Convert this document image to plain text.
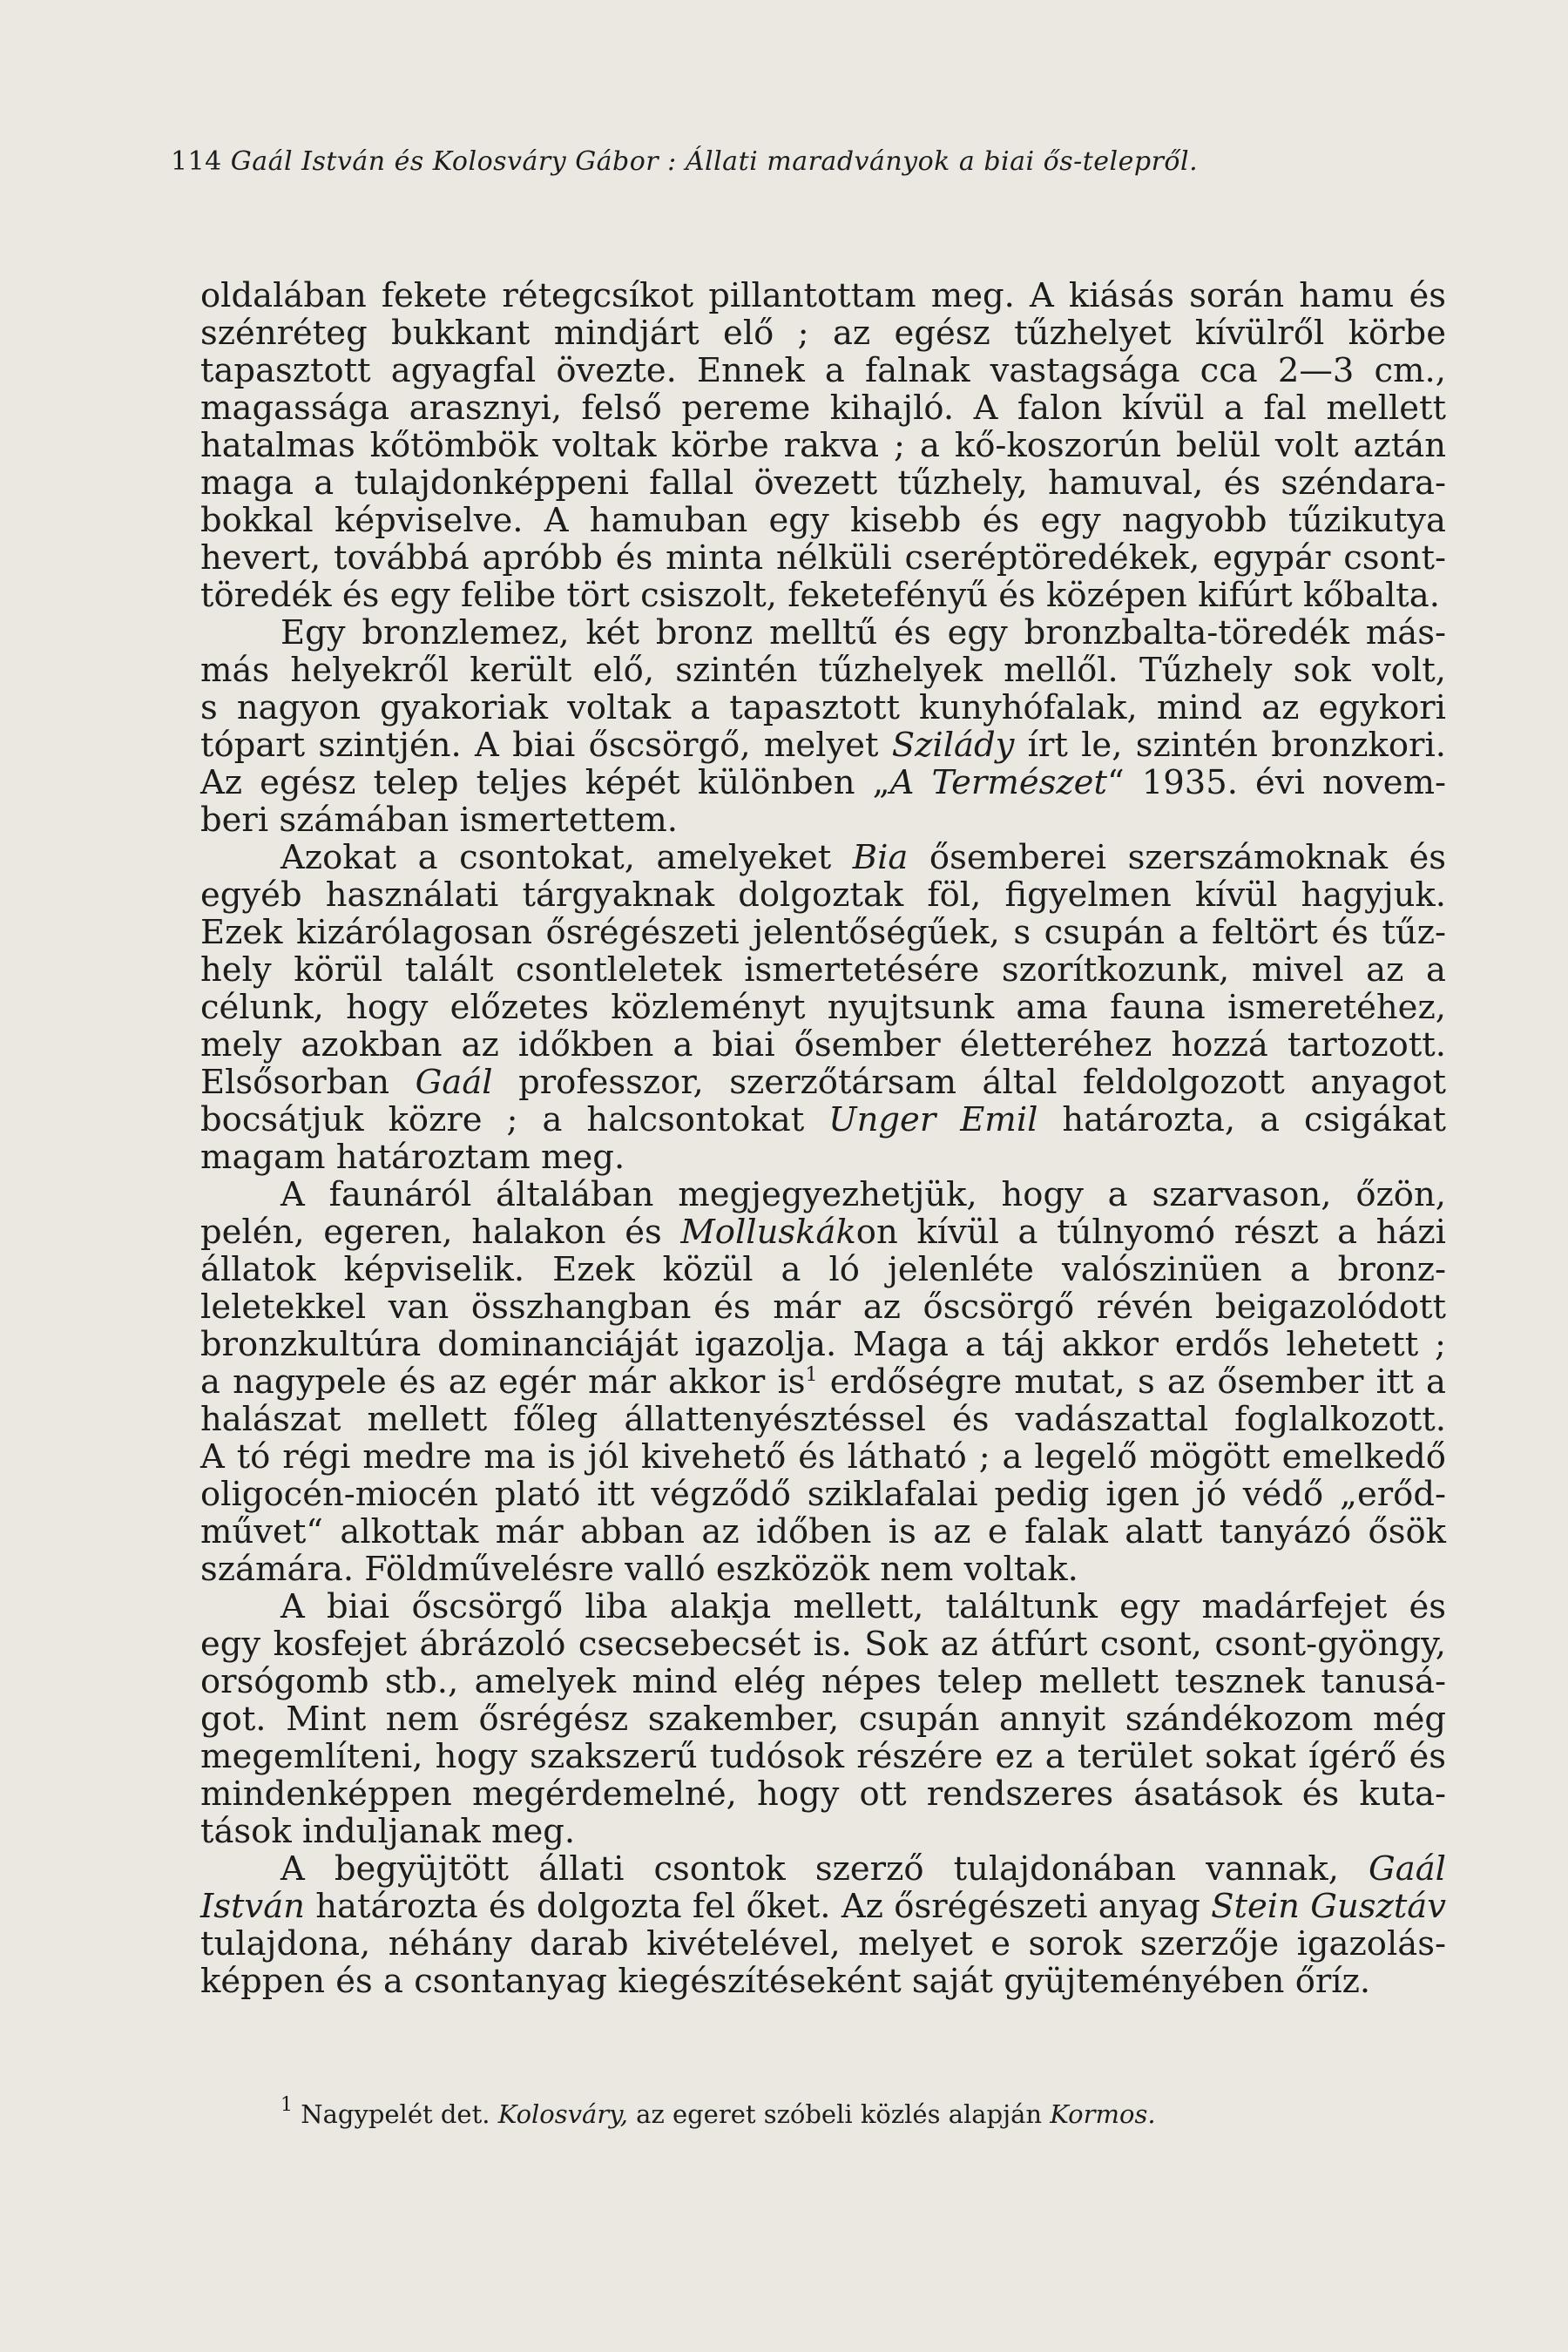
114 Gaál István és Kolosváry Gábor : Állati maradványok a biai ős-telepről.

oldalában fekete rétegcsíkot pillantottam meg. A kiásás során hamu és

szénréteg bukkant mindjárt elő ; az egész tűzhelyet kívülről körbe

tapasztott agyagfal övezte. Ennek a falnak vastagsága cca 2—3 cm.,

magassága arasznyi, felső pereme kihajló. A falon kívül a fal mellett

hatalmas kőtömbök voltak körbe rakva ; a kő-koszorún belül volt aztán

maga a tulajdonképpeni fallal övezett tűzhely, hamuval, és széndara-

bokkal képviselve. A hamuban egy kisebb és egy nagyobb tűzikutya

hevert, továbbá apróbb és minta nélküli cseréptöredékek, egypár csont-

töredék és egy felibe tört csiszolt, feketefényű és középen kifúrt kőbalta.

Egy bronzlemez, két bronz melltű és egy bronzbalta-töredék más-

más helyekről került elő, szintén tűzhelyek mellől. Tűzhely sok volt,

s nagyon gyakoriak voltak a tapasztott kunyhófalak, mind az egykori

tópart szintjén. A biai őscsörgő, melyet Szilády írt le, szintén bronzkori.

Az egész telep teljes képét különben „A Természet“ 1935. évi novem-

beri számában ismertettem.

Azokat a csontokat, amelyeket Bia ősemberei szerszámoknak és

egyéb használati tárgyaknak dolgoztak föl, figyelmen kívül hagyjuk.

Ezek kizárólagosan ősrégészeti jelentőségűek, s csupán a feltört és tűz-

hely körül talált csontleletek ismertetésére szorítkozunk, mivel az a

célunk, hogy előzetes közleményt nyujtsunk ama fauna ismeretéhez,

mely azokban az időkben a biai ősember életteréhez hozzá tartozott.

Elsősorban Gaál professzor, szerzőtársam által feldolgozott anyagot

bocsátjuk közre ; a halcsontokat Unger Emil határozta, a csigákat

magam határoztam meg.

A faunáról általában megjegyezhetjük, hogy a szarvason, őzön,

pelén, egeren, halakon és Molluskákon kívül a túlnyomó részt a házi

állatok képviselik. Ezek közül a ló jelenléte valószinüen a bronz-

leletekkel van összhangban és már az őscsörgő révén beigazolódott

bronzkultúra dominanciáját igazolja. Maga a táj akkor erdős lehetett ;

a nagypele és az egér már akkor $is^1$ erdőségre mutat, s az ősember itt a

halászat mellett főleg állattenyésztéssel és vadászattal foglalkozott.

A tó régi medre ma is jól kivehető és látható ; a legelő mögött emelkedő

oligocén-miocén plató itt végződő sziklafalai pedig igen jó védő „erőd-

művet“ alkottak már abban az időben is az e falak alatt tanyázó ősök

számára. Földművelésre valló eszközök nem voltak.

A biai őscsörgő liba alakja mellett, találtunk egy madárfejet és

egy kosfejet ábrázoló csecsebecsét is. Sok az átfúrt csont, csont-gyöngy,

orsógomb stb., amelyek mind elég népes telep mellett tesznek tanusá-

got. Mint nem ősrégész szakember, csupán annyit szándékozom még

megemlíteni, hogy szakszerű tudósok részére ez a terület sokat ígérő és

mindenképpen megérdemelné, hogy ott rendszeres ásatások és kuta-

tások induljanak meg.

A begyüjtött állati csontok szerző tulajdonában vannak, Gaál

István határozta és dolgozta fel őket. Az ősrégészeti anyag Stein Gusztáv

tulajdona, néhány darab kivételével, melyet e sorok szerzője igazolás-

képpen és a csontanyag kiegészítéseként saját gyüjteményében őríz.

$^1$ Nagypelét det. Kolosváry, az egeret szóbeli közlés alapján Kormos.
